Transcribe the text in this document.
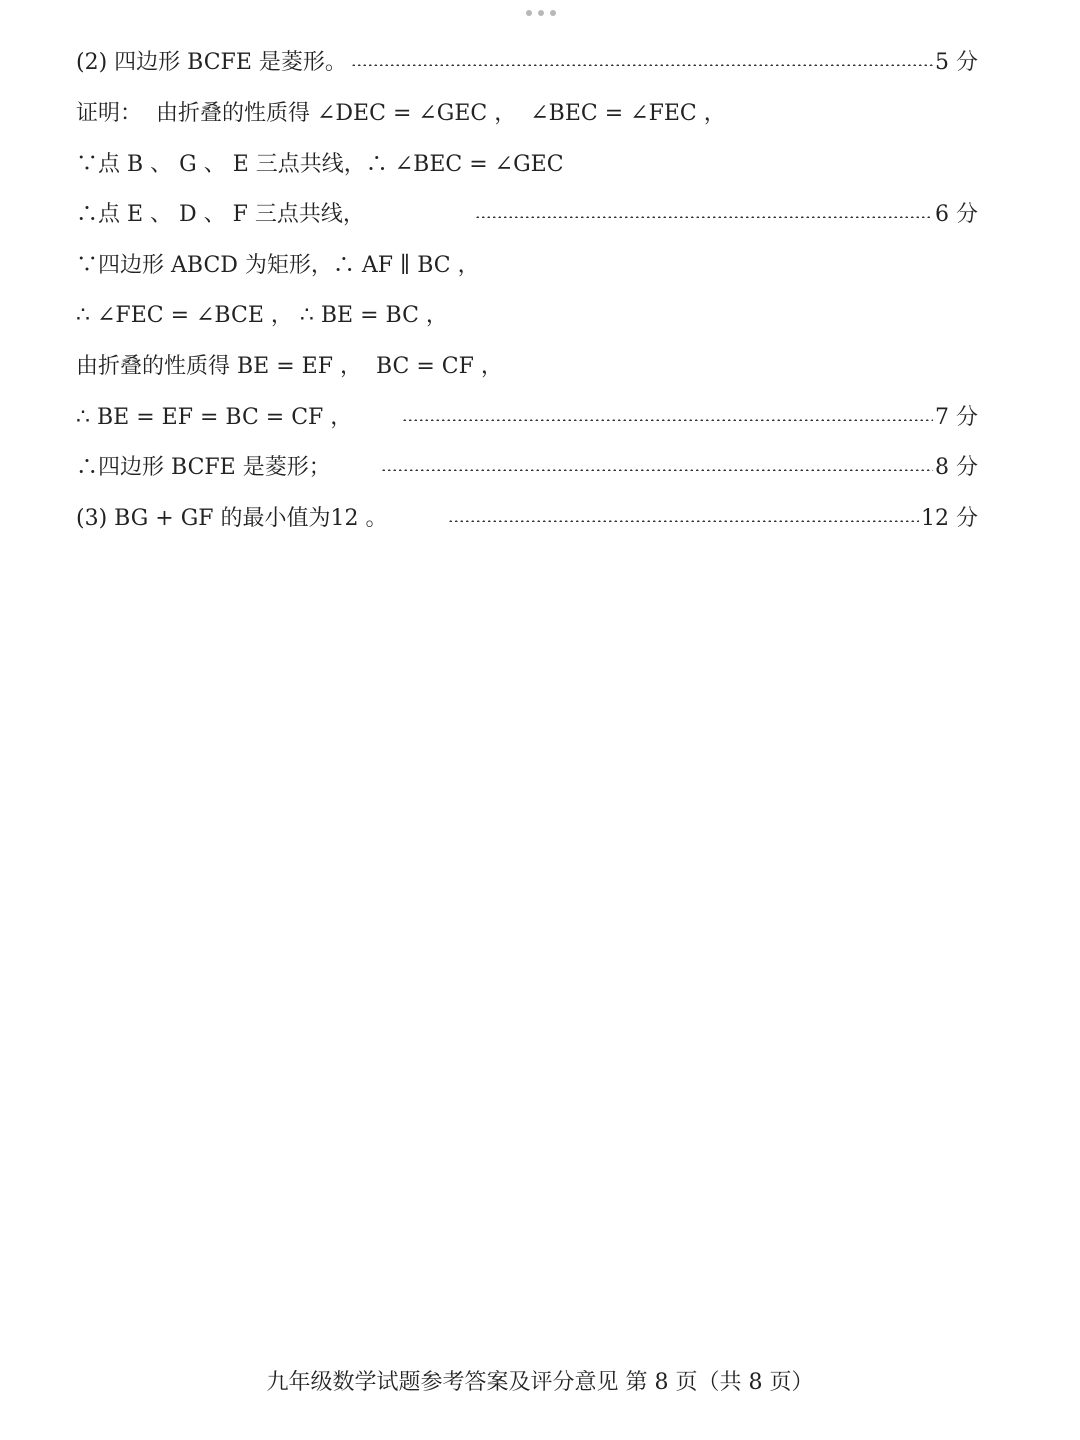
(2) 四边形 BCFE 是菱形。	5 分
证明：  由折叠的性质得 ∠DEC = ∠GEC ，  ∠BEC = ∠FEC ，
∵点 B 、 G 、 E 三点共线，∴ ∠BEC = ∠GEC
∴点 E 、 D 、 F 三点共线，	6 分
∵四边形 ABCD 为矩形，∴ AF ∥ BC ，
∴ ∠FEC = ∠BCE ， ∴ BE = BC ，
由折叠的性质得 BE = EF ，  BC = CF ，
∴ BE = EF = BC = CF ，	7 分
∴四边形 BCFE 是菱形；	8 分
(3) BG + GF 的最小值为12 。	12 分
九年级数学试题参考答案及评分意见 第 8 页（共 8 页）
